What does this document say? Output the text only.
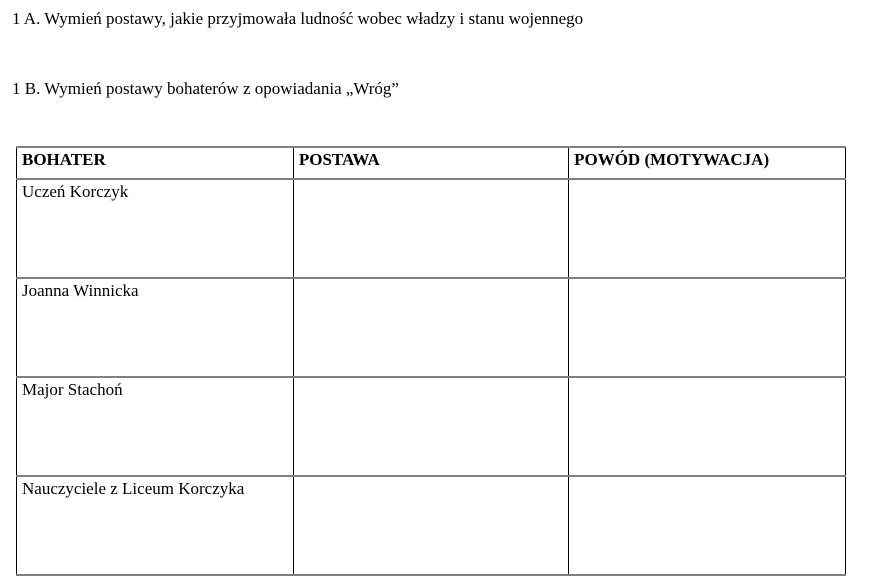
1 A. Wymień postawy, jakie przyjmowała ludność wobec władzy i stanu wojennego
1 B. Wymień postawy bohaterów z opowiadania „Wróg”
BOHATER	POSTAWA	POWÓD (MOTYWACJA)
Uczeń Korczyk		
Joanna Winnicka		
Major Stachoń		
Nauczyciele z Liceum Korczyka		
